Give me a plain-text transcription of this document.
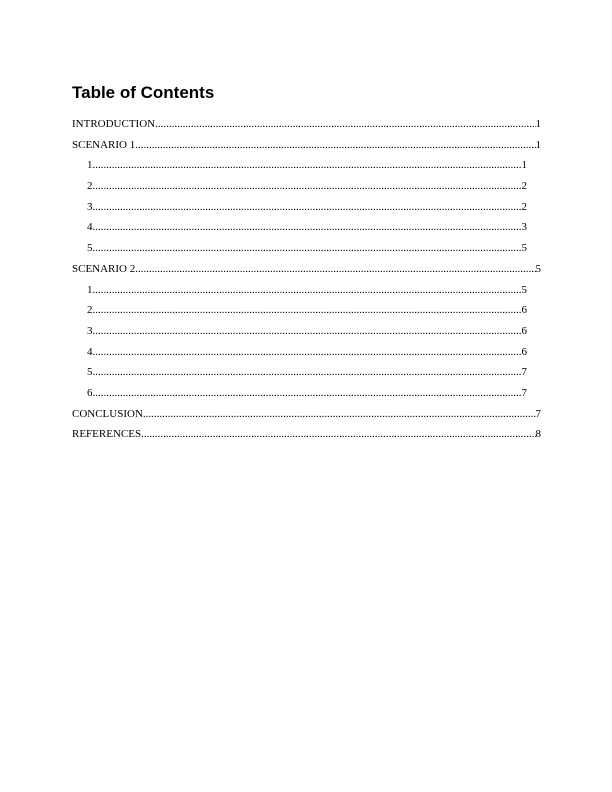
Table of Contents
INTRODUCTION .....	1
SCENARIO 1 .....	1
1. .....	1
2. .....	2
3. .....	2
4. .....	3
5. .....	5
SCENARIO 2 .....	5
1. .....	5
2. .....	6
3. .....	6
4. .....	6
5. .....	7
6. .....	7
CONCLUSION .....	7
REFERENCES .....	8
